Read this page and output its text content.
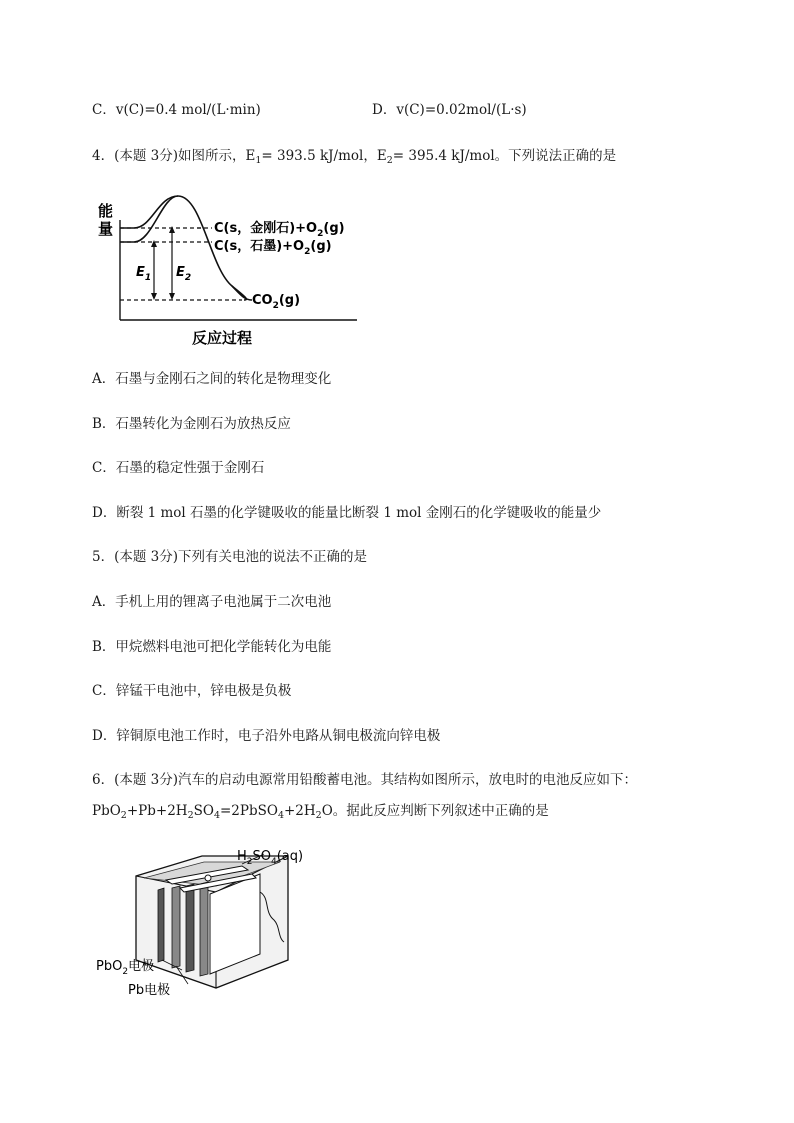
C．v(C)=0.4 mol/(L·min)	D．v(C)=0.02mol/(L·s)
4．(本题 3分)如图所示，$E_1= 393.5$ kJ/mol，$E_2= 395.4$ kJ/mol。下列说法正确的是
能
量
反应过程
$E_1$ $E_2$
C(s，金刚石)$+O_2(g)$
C(s，石墨)$+O_2(g)$
$CO_2(g)$
A．石墨与金刚石之间的转化是物理变化
B．石墨转化为金刚石为放热反应
C．石墨的稳定性强于金刚石
D．断裂 1 mol 石墨的化学键吸收的能量比断裂 1 mol 金刚石的化学键吸收的能量少
5．(本题 3分)下列有关电池的说法不正确的是
A．手机上用的锂离子电池属于二次电池
B．甲烷燃料电池可把化学能转化为电能
C．锌锰干电池中，锌电极是负极
D．锌铜原电池工作时，电子沿外电路从铜电极流向锌电极
6．(本题 3分)汽车的启动电源常用铅酸蓄电池。其结构如图所示，放电时的电池反应如下：
$PbO_2+Pb+2H_2SO_4=2PbSO_4+2H_2O$。据此反应判断下列叙述中正确的是
$H_2SO_4(aq)$
PbO$_2$电极
Pb电极
